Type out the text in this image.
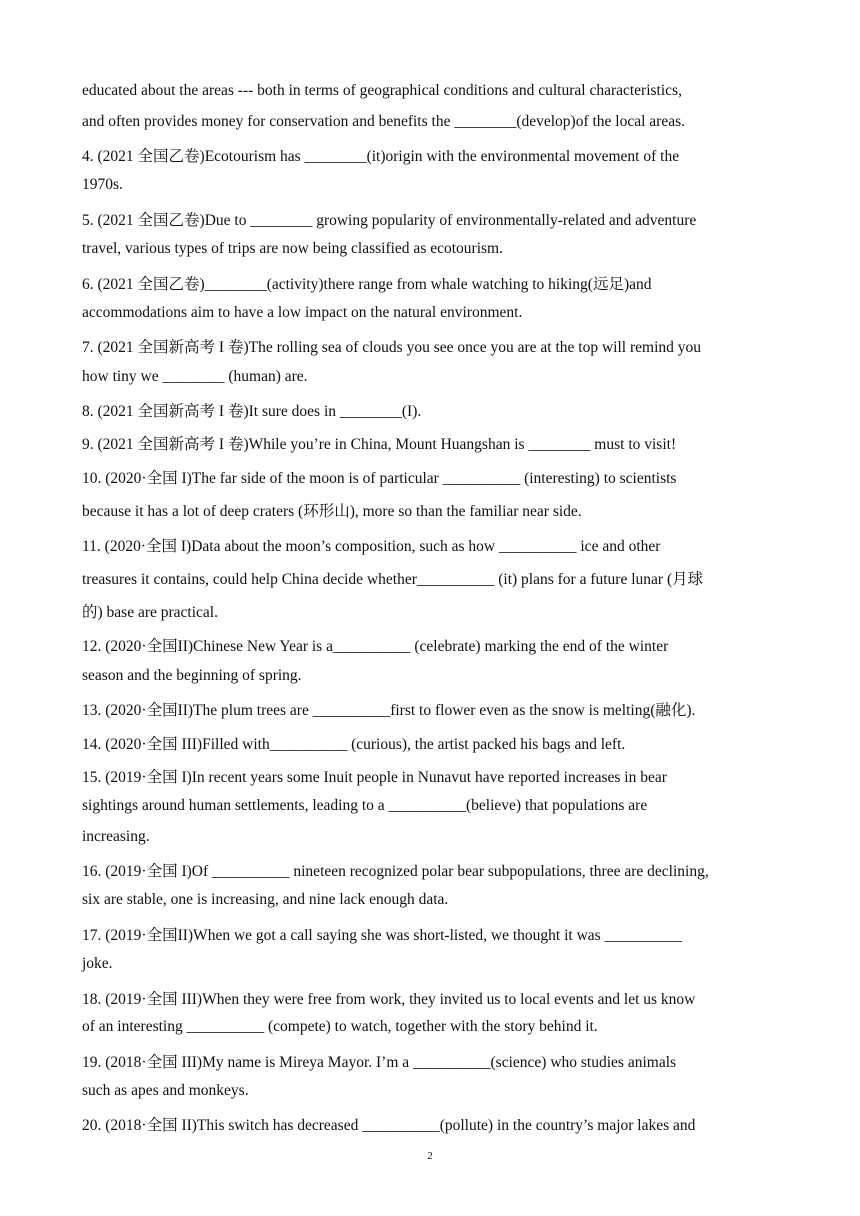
educated about the areas --- both in terms of geographical conditions and cultural characteristics,
and often provides money for conservation and benefits the ________(develop)of the local areas.
4. (2021 全国乙卷)Ecotourism has ________(it)origin with the environmental movement of the
1970s.
5. (2021 全国乙卷)Due to ________ growing popularity of environmentally-related and adventure
travel, various types of trips are now being classified as ecotourism.
6. (2021 全国乙卷)________(activity)there range from whale watching to hiking(远足)and
accommodations aim to have a low impact on the natural environment.
7. (2021 全国新高考 I 卷)The rolling sea of clouds you see once you are at the top will remind you
how tiny we ________ (human) are.
8. (2021 全国新高考 I 卷)It sure does in ________(I).
9. (2021 全国新高考 I 卷)While you’re in China, Mount Huangshan is ________ must to visit!
10. (2020·全国 I)The far side of the moon is of particular __________ (interesting) to scientists
because it has a lot of deep craters (环形山), more so than the familiar near side.
11. (2020·全国 I)Data about the moon’s composition, such as how __________ ice and other
treasures it contains, could help China decide whether__________ (it) plans for a future lunar (月球
的) base are practical.
12. (2020·全国II)Chinese New Year is a__________ (celebrate) marking the end of the winter
season and the beginning of spring.
13. (2020·全国II)The plum trees are __________first to flower even as the snow is melting(融化).
14. (2020·全国 III)Filled with__________ (curious), the artist packed his bags and left.
15. (2019·全国 I)In recent years some Inuit people in Nunavut have reported increases in bear
sightings around human settlements, leading to a __________(believe) that populations are
increasing.
16. (2019·全国 I)Of __________ nineteen recognized polar bear subpopulations, three are declining,
six are stable, one is increasing, and nine lack enough data.
17. (2019·全国II)When we got a call saying she was short-listed, we thought it was __________
joke.
18. (2019·全国 III)When they were free from work, they invited us to local events and let us know
of an interesting __________ (compete) to watch, together with the story behind it.
19. (2018·全国 III)My name is Mireya Mayor. I’m a __________(science) who studies animals
such as apes and monkeys.
20. (2018·全国 II)This switch has decreased __________(pollute) in the country’s major lakes and
2
